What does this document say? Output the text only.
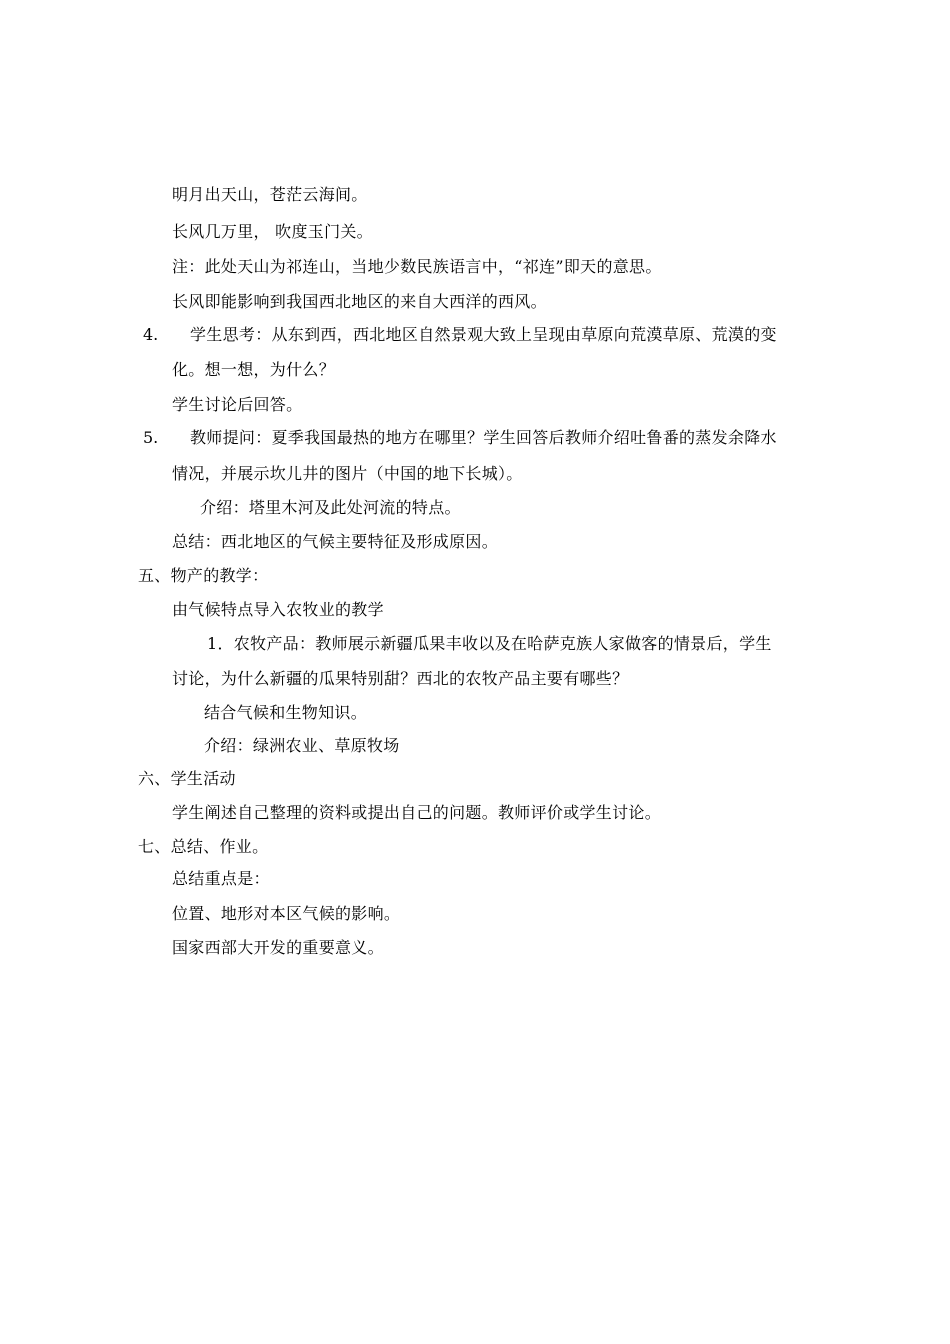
明月出天山，苍茫云海间。
长风几万里， 吹度玉门关。
注：此处天山为祁连山，当地少数民族语言中，“祁连”即天的意思。
长风即能影响到我国西北地区的来自大西洋的西风。
4. 学生思考：从东到西，西北地区自然景观大致上呈现由草原向荒漠草原、荒漠的变
化。想一想，为什么？
学生讨论后回答。
5. 教师提问：夏季我国最热的地方在哪里？学生回答后教师介绍吐鲁番的蒸发余降水
情况，并展示坎儿井的图片（中国的地下长城）。
介绍：塔里木河及此处河流的特点。
总结：西北地区的气候主要特征及形成原因。
五、物产的教学：
由气候特点导入农牧业的教学
1．农牧产品：教师展示新疆瓜果丰收以及在哈萨克族人家做客的情景后，学生
讨论，为什么新疆的瓜果特别甜？西北的农牧产品主要有哪些？
结合气候和生物知识。
介绍：绿洲农业、草原牧场
六、学生活动
学生阐述自己整理的资料或提出自己的问题。教师评价或学生讨论。
七、总结、作业。
总结重点是：
位置、地形对本区气候的影响。
国家西部大开发的重要意义。
